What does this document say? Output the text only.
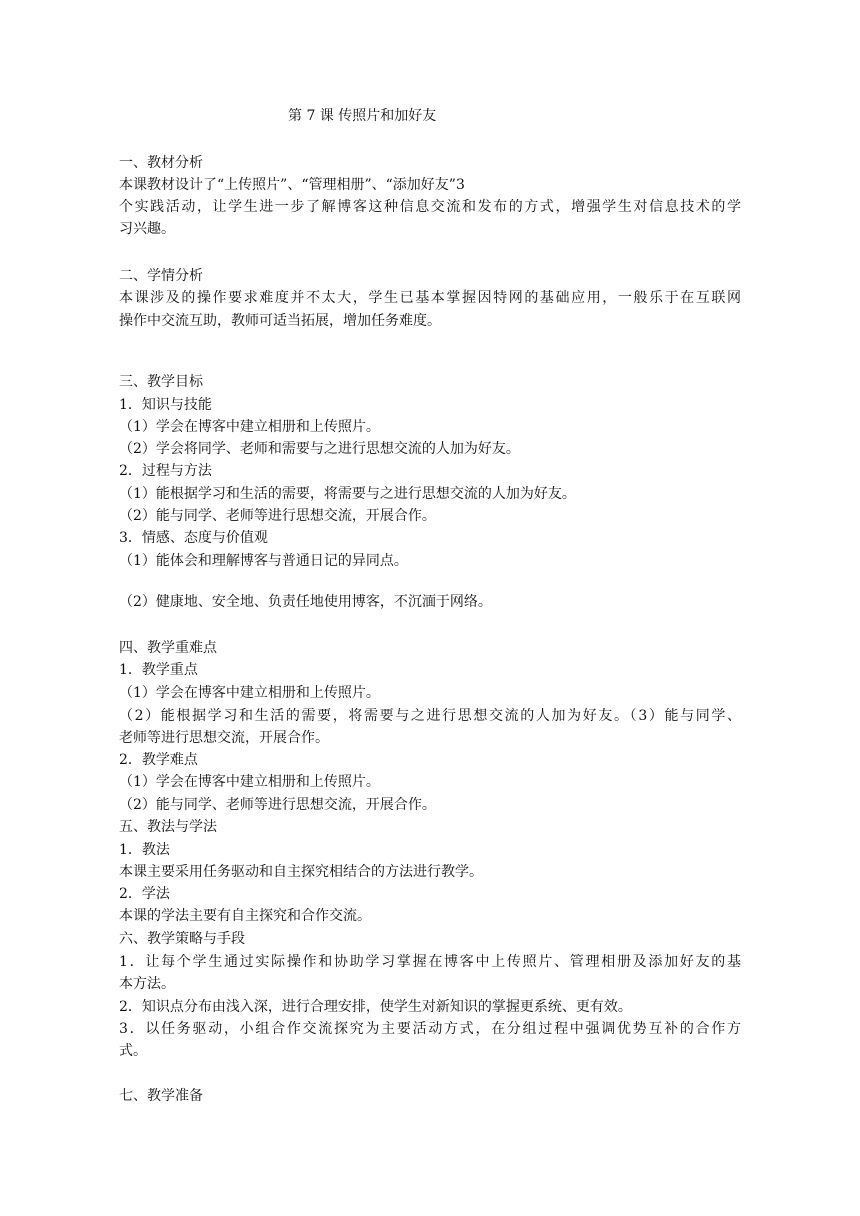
第 7 课 传照片和加好友
一、教材分析
本课教材设计了“上传照片”、“管理相册”、“添加好友”3
个实践活动，让学生进一步了解博客这种信息交流和发布的方式，增强学生对信息技术的学
习兴趣。
二、学情分析
本课涉及的操作要求难度并不太大，学生已基本掌握因特网的基础应用，一般乐于在互联网
操作中交流互助，教师可适当拓展，增加任务难度。
三、教学目标
1．知识与技能
（1）学会在博客中建立相册和上传照片。
（2）学会将同学、老师和需要与之进行思想交流的人加为好友。
2．过程与方法
（1）能根据学习和生活的需要，将需要与之进行思想交流的人加为好友。
（2）能与同学、老师等进行思想交流，开展合作。
3．情感、态度与价值观
（1）能体会和理解博客与普通日记的异同点。
（2）健康地、安全地、负责任地使用博客，不沉湎于网络。
四、教学重难点
1．教学重点
（1）学会在博客中建立相册和上传照片。
（2）能根据学习和生活的需要，将需要与之进行思想交流的人加为好友。（3）能与同学、
老师等进行思想交流，开展合作。
2．教学难点
（1）学会在博客中建立相册和上传照片。
（2）能与同学、老师等进行思想交流，开展合作。
五、教法与学法
1．教法
本课主要采用任务驱动和自主探究相结合的方法进行教学。
2．学法
本课的学法主要有自主探究和合作交流。
六、教学策略与手段
1．让每个学生通过实际操作和协助学习掌握在博客中上传照片、管理相册及添加好友的基
本方法。
2．知识点分布由浅入深，进行合理安排，使学生对新知识的掌握更系统、更有效。
3．以任务驱动，小组合作交流探究为主要活动方式，在分组过程中强调优势互补的合作方
式。
七、教学准备
